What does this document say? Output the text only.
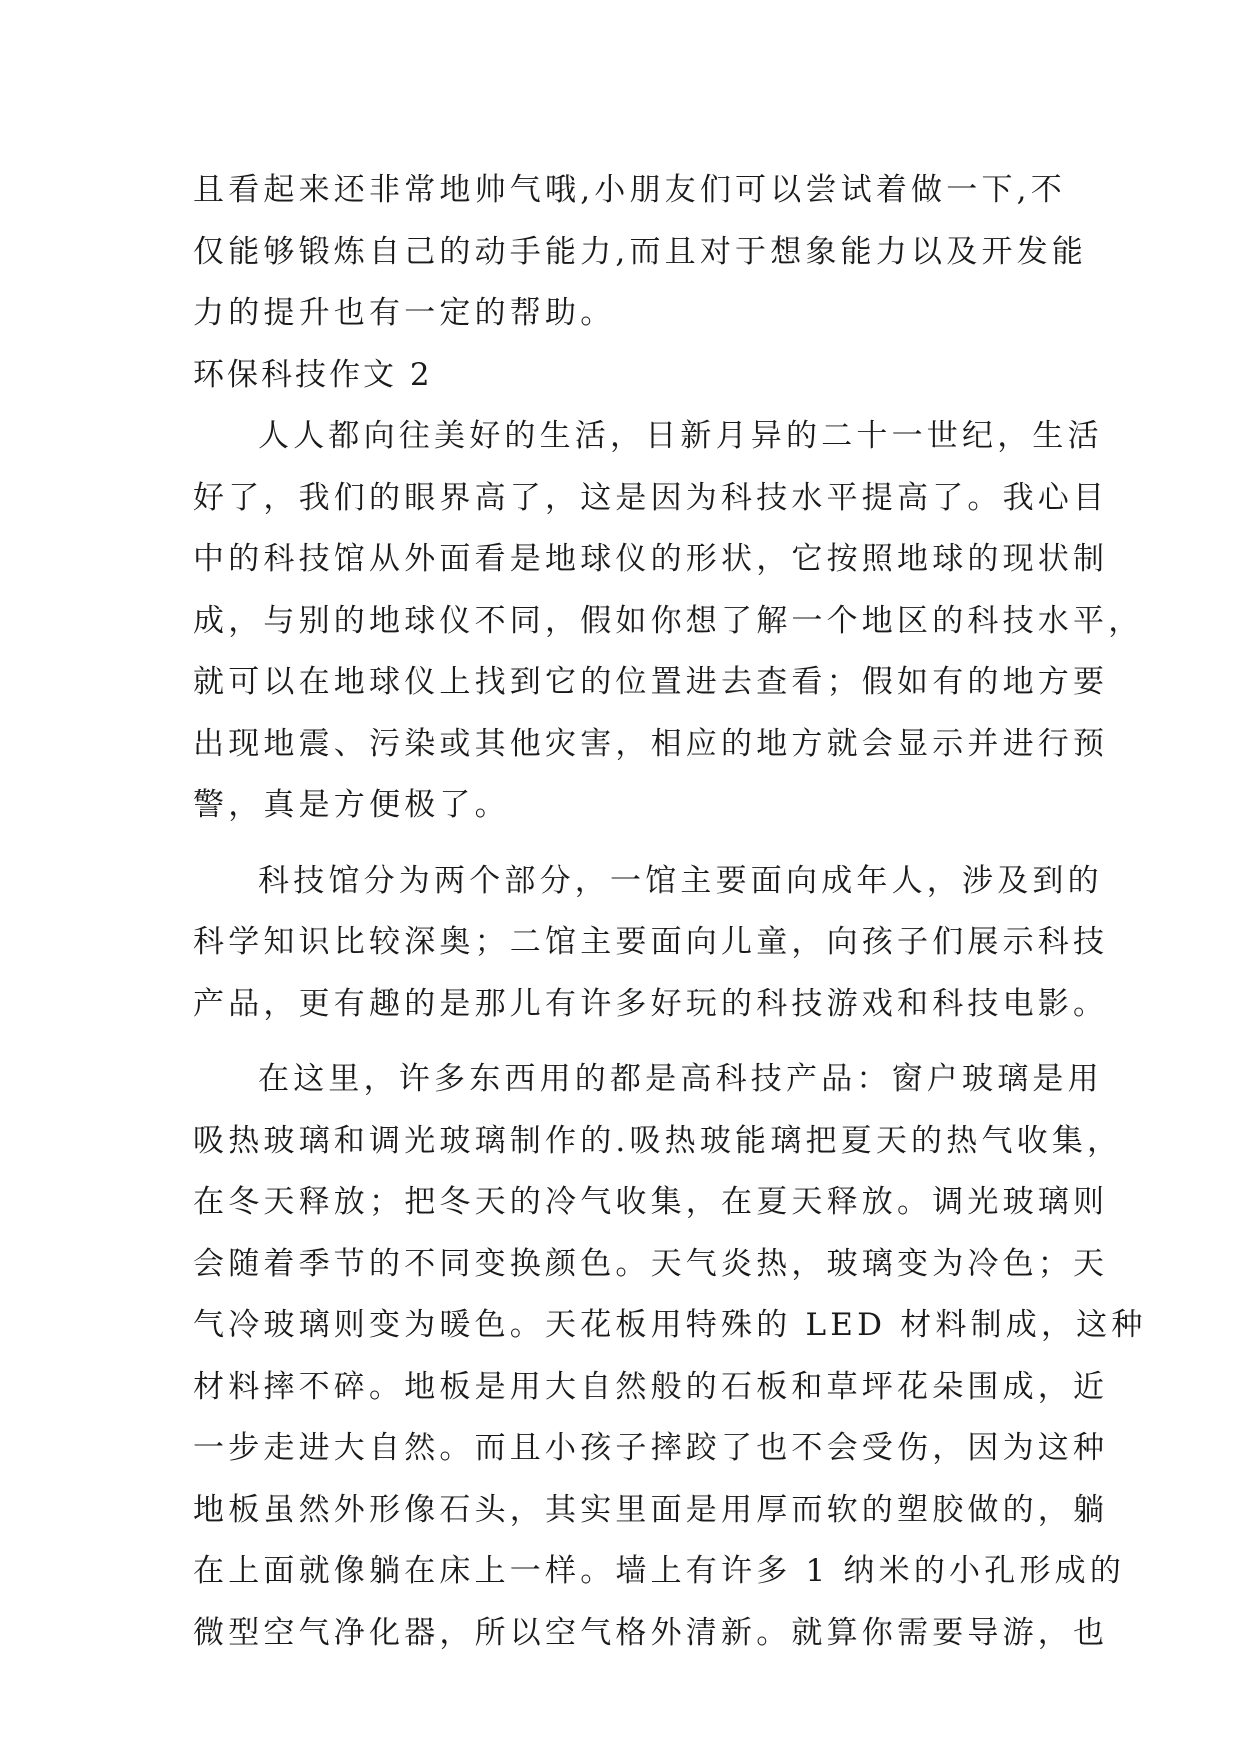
且看起来还非常地帅气哦,小朋友们可以尝试着做一下,不
仅能够锻炼自己的动手能力,而且对于想象能力以及开发能
力的提升也有一定的帮助。
环保科技作文 2
人人都向往美好的生活，日新月异的二十一世纪，生活
好了，我们的眼界高了，这是因为科技水平提高了。我心目
中的科技馆从外面看是地球仪的形状，它按照地球的现状制
成，与别的地球仪不同，假如你想了解一个地区的科技水平，
就可以在地球仪上找到它的位置进去查看；假如有的地方要
出现地震、污染或其他灾害，相应的地方就会显示并进行预
警，真是方便极了。
科技馆分为两个部分，一馆主要面向成年人，涉及到的
科学知识比较深奥；二馆主要面向儿童，向孩子们展示科技
产品，更有趣的是那儿有许多好玩的科技游戏和科技电影。
在这里，许多东西用的都是高科技产品：窗户玻璃是用
吸热玻璃和调光玻璃制作的.吸热玻能璃把夏天的热气收集，
在冬天释放；把冬天的冷气收集，在夏天释放。调光玻璃则
会随着季节的不同变换颜色。天气炎热，玻璃变为冷色；天
气冷玻璃则变为暖色。天花板用特殊的 LED 材料制成，这种
材料摔不碎。地板是用大自然般的石板和草坪花朵围成，近
一步走进大自然。而且小孩子摔跤了也不会受伤，因为这种
地板虽然外形像石头，其实里面是用厚而软的塑胶做的，躺
在上面就像躺在床上一样。墙上有许多 1 纳米的小孔形成的
微型空气净化器，所以空气格外清新。就算你需要导游，也
